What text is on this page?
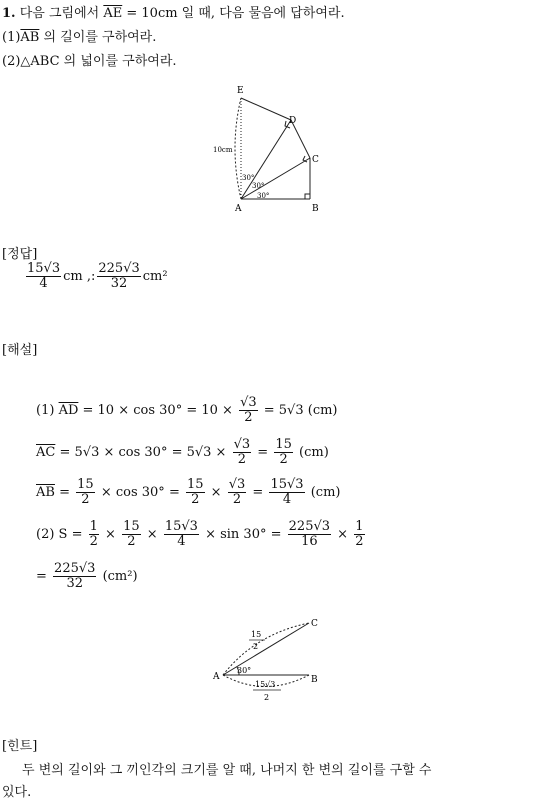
1. 다음 그림에서 $\overline{AE} = 10cm$ 일 때, 다음 물음에 답하여라.
$(1)\overline{AB}$ 의 길이를 구하여라.
(2)△ABC 의 넓이를 구하여라.
E
D
C
A	B
10cm
30°
30°
30°
[정답]
$\frac{15√3}{4}$ cm ,: $\frac{225√3}{32} cm^2$
[해설]
(1) $\overline{AD} = 10 \times \cos 30^\circ = 10 \times \frac{√3}{2} = 5√3$ (cm)
$\overline{AC} = 5√3 \times \cos 30^\circ = 5√3 \times \frac{√3}{2} = \frac{15}{2} (cm)$
$\overline{AB} = \frac{15}{2} \times \cos 30^\circ = \frac{15}{2} \times \frac{√3}{2} = \frac{15√3}{4} (cm)$
(2) $S = \frac{1}{2} \times \frac{15}{2} \times \frac{15√3}{4} \times \sin 30^\circ = \frac{225√3}{16} \times \frac{1}{2}$
= $\frac{225√3}{32} (cm^2)$
C
A	B
15
2
30°
15√3
2
[힌트]
두 변의 길이와 그 끼인각의 크기를 알 때, 나머지 한 변의 길이를 구할 수
있다.
